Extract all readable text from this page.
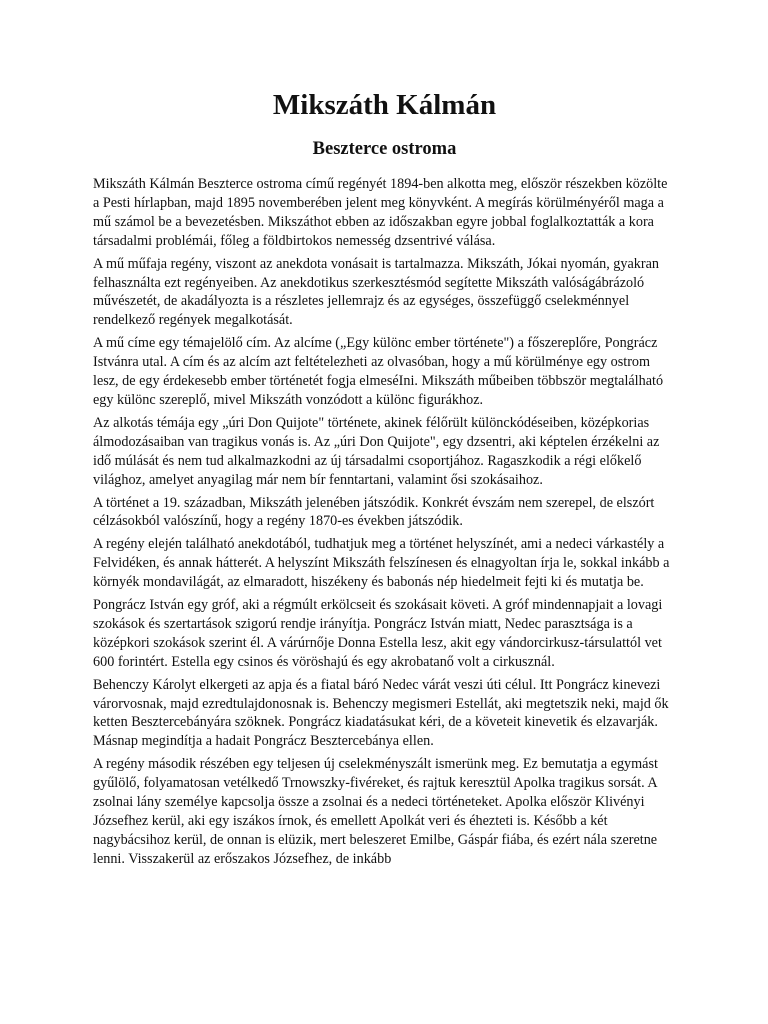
Mikszáth Kálmán
Beszterce ostroma

Mikszáth Kálmán Beszterce ostroma című regényét 1894-ben alkotta meg, először részekben közölte a Pesti hírlapban, majd 1895 novemberében jelent meg könyvként. A megírás körülményéről maga a mű számol be a bevezetésben. Mikszáthot ebben az időszakban egyre jobbal foglalkoztatták a kora társadalmi problémái, főleg a földbirtokos nemesség dzsentrivé válása.

A mű műfaja regény, viszont az anekdota vonásait is tartalmazza. Mikszáth, Jókai nyomán, gyakran felhasználta ezt regényeiben. Az anekdotikus szerkesztésmód segítette Mikszáth valóságábrázoló művészetét, de akadályozta is a részletes jellemrajz és az egységes, összefüggő cselekménnyel rendelkező regények megalkotását.

A mű címe egy témajelölő cím. Az alcíme („Egy különc ember története") a főszereplőre, Pongrácz Istvánra utal. A cím és az alcím azt feltételezheti az olvasóban, hogy a mű körülménye egy ostrom lesz, de egy érdekesebb ember történetét fogja elmeséIni. Mikszáth műbeiben többször megtalálható egy különc szereplő, mivel Mikszáth vonzódott a különc figurákhoz.

Az alkotás témája egy „úri Don Quijote" története, akinek félőrült különckódéseiben, középkorias álmodozásaiban van tragikus vonás is. Az „úri Don Quijote", egy dzsentri, aki képtelen érzékelni az idő múlását és nem tud alkalmazkodni az új társadalmi csoportjához. Ragaszkodik a régi előkelő világhoz, amelyet anyagilag már nem bír fenntartani, valamint ősi szokásaihoz.

A történet a 19. században, Mikszáth jelenében játszódik. Konkrét évszám nem szerepel, de elszórt célzásokból valószínű, hogy a regény 1870-es években játszódik.

A regény elején található anekdotából, tudhatjuk meg a történet helyszínét, ami a nedeci várkastély a Felvidéken, és annak hátterét. A helyszínt Mikszáth felszínesen és elnagyoltan írja le, sokkal inkább a környék mondavilágát, az elmaradott, hiszékeny és babonás nép hiedelmeit fejti ki és mutatja be.

Pongrácz István egy gróf, aki a régmúlt erkölcseit és szokásait követi. A gróf mindennapjait a lovagi szokások és szertartások szigorú rendje irányítja. Pongrácz István miatt, Nedec parasztsága is a középkori szokások szerint él. A várúrnője Donna Estella lesz, akit egy vándorcirkusz-társulattól vet 600 forintért. Estella egy csinos és vöröshajú és egy akrobatanő volt a cirkusznál.

Behenczy Károlyt elkergeti az apja és a fiatal báró Nedec várát veszi úti célul. Itt Pongrácz kinevezi várorvosnak, majd ezredtulajdonosnak is. Behenczy megismeri Estellát, aki megtetszik neki, majd ők ketten Besztercebányára szöknek. Pongrácz kiadatásukat kéri, de a követeit kinevetik és elzavarják. Másnap megindítja a hadait Pongrácz Besztercebánya ellen.

A regény második részében egy teljesen új cselekményszált ismerünk meg. Ez bemutatja a egymást gyűlölő, folyamatosan vetélkedő Trnowszky-fivéreket, és rajtuk keresztül Apolka tragikus sorsát. A zsolnai lány személye kapcsolja össze a zsolnai és a nedeci történeteket. Apolka először Klivényi Józsefhez kerül, aki egy iszákos írnok, és emellett Apolkát veri és éhezteti is. Később a két nagybácsihoz kerül, de onnan is elüzik, mert beleszeret Emilbe, Gáspár fiába, és ezért nála szeretne lenni. Visszakerül az erőszakos Józsefhez, de inkább
